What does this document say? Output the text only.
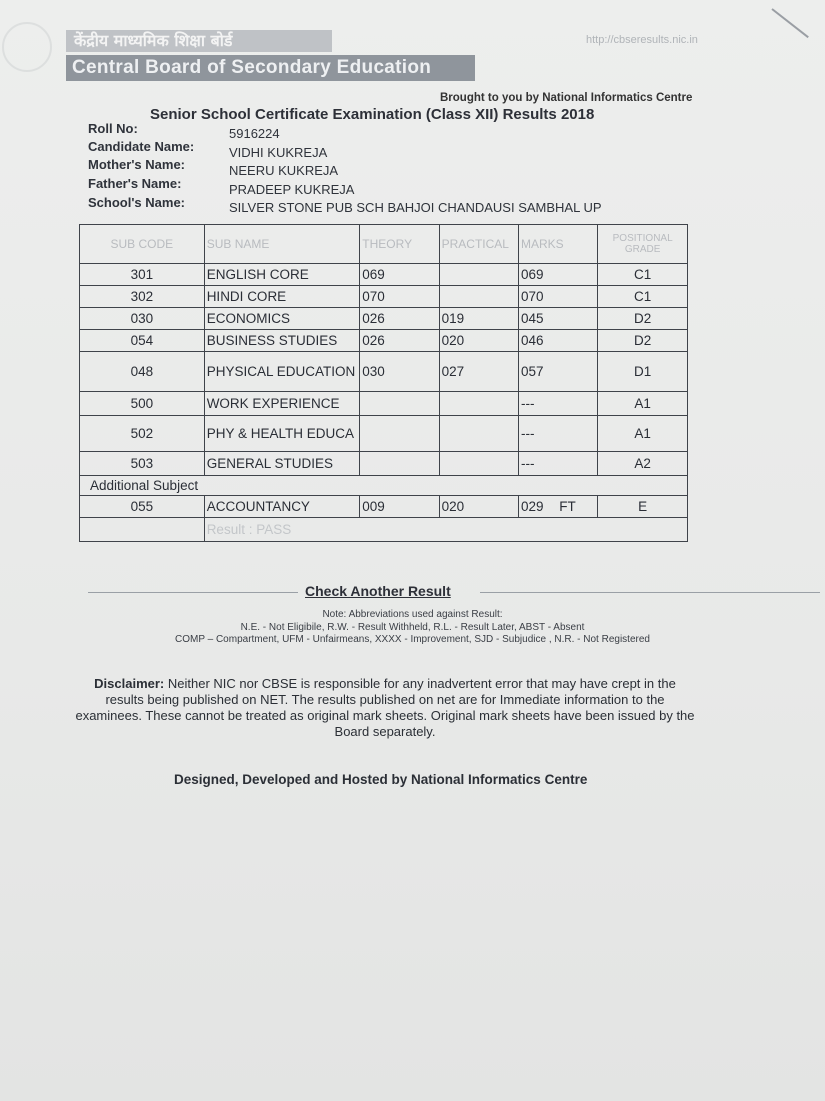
http://cbseresults.nic.in
केंद्रीय माध्यमिक शिक्षा बोर्ड
Central Board of Secondary Education
Brought to you by National Informatics Centre
Senior School Certificate Examination (Class XII) Results 2018
Roll No:	5916224
Candidate Name:	VIDHI KUKREJA
Mother's Name:	NEERU KUKREJA
Father's Name:	PRADEEP KUKREJA
School's Name:	SILVER STONE PUB SCH BAHJOI CHANDAUSI SAMBHAL UP
SUB CODE	SUB NAME	THEORY	PRACTICAL	MARKS	POSITIONAL GRADE
301	ENGLISH CORE	069		069	C1
302	HINDI CORE	070		070	C1
030	ECONOMICS	026	019	045	D2
054	BUSINESS STUDIES	026	020	046	D2
048	PHYSICAL EDUCATION	030	027	057	D1
500	WORK EXPERIENCE			---	A1
502	PHY & HEALTH EDUCA			---	A1
503	GENERAL STUDIES			---	A2
Additional Subject					
055	ACCOUNTANCY	009	020	029 FT	E
	Result : PASS				
Check Another Result
Note: Abbreviations used against Result:
N.E. - Not Eligibile, R.W. - Result Withheld, R.L. - Result Later, ABST - Absent
COMP – Compartment, UFM - Unfairmeans, XXXX - Improvement, SJD - Subjudice , N.R. - Not Registered
Disclaimer: Neither NIC nor CBSE is responsible for any inadvertent error that may have crept in the results being published on NET. The results published on net are for Immediate information to the examinees. These cannot be treated as original mark sheets. Original mark sheets have been issued by the Board separately.
Designed, Developed and Hosted by National Informatics Centre
